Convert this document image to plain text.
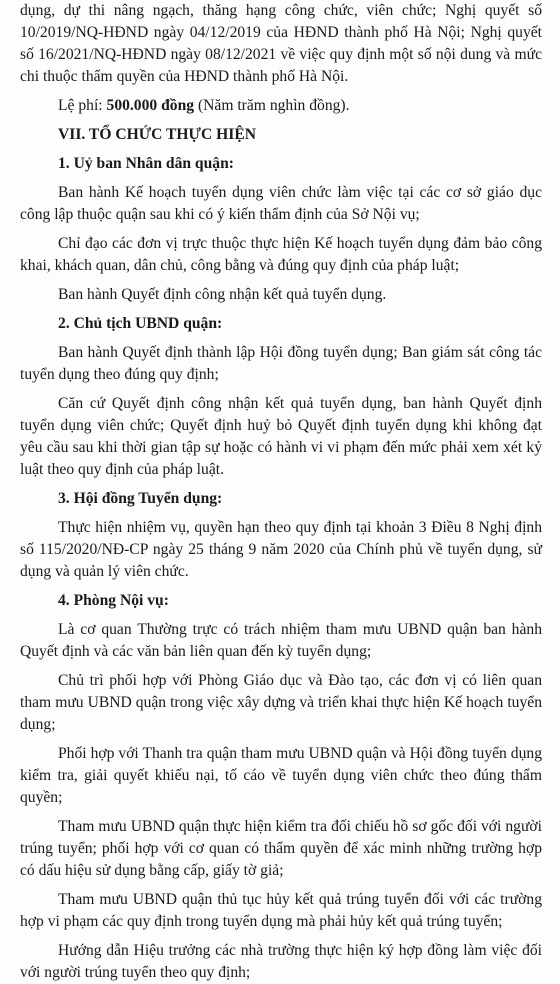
dụng, dự thi nâng ngạch, thăng hạng công chức, viên chức; Nghị quyết số 10/2019/NQ-HĐND ngày 04/12/2019 của HĐND thành phố Hà Nội; Nghị quyết số 16/2021/NQ-HĐND ngày 08/12/2021 về việc quy định một số nội dung và mức chi thuộc thẩm quyền của HĐND thành phố Hà Nội.

Lệ phí: 500.000 đồng (Năm trăm nghìn đồng).

VII. TỔ CHỨC THỰC HIỆN

1. Uỷ ban Nhân dân quận:

Ban hành Kế hoạch tuyển dụng viên chức làm việc tại các cơ sở giáo dục công lập thuộc quận sau khi có ý kiến thẩm định của Sở Nội vụ;

Chỉ đạo các đơn vị trực thuộc thực hiện Kế hoạch tuyển dụng đảm bảo công khai, khách quan, dân chủ, công bằng và đúng quy định của pháp luật;

Ban hành Quyết định công nhận kết quả tuyển dụng.

2. Chủ tịch UBND quận:

Ban hành Quyết định thành lập Hội đồng tuyển dụng; Ban giám sát công tác tuyển dụng theo đúng quy định;

Căn cứ Quyết định công nhận kết quả tuyển dụng, ban hành Quyết định tuyển dụng viên chức; Quyết định huỷ bỏ Quyết định tuyển dụng khi không đạt yêu cầu sau khi thời gian tập sự hoặc có hành vi vi phạm đến mức phải xem xét kỷ luật theo quy định của pháp luật.

3. Hội đồng Tuyển dụng:

Thực hiện nhiệm vụ, quyền hạn theo quy định tại khoản 3 Điều 8 Nghị định số 115/2020/NĐ-CP ngày 25 tháng 9 năm 2020 của Chính phủ về tuyển dụng, sử dụng và quản lý viên chức.

4. Phòng Nội vụ:

Là cơ quan Thường trực có trách nhiệm tham mưu UBND quận ban hành Quyết định và các văn bản liên quan đến kỳ tuyển dụng;

Chủ trì phối hợp với Phòng Giáo dục và Đào tạo, các đơn vị có liên quan tham mưu UBND quận trong việc xây dựng và triển khai thực hiện Kế hoạch tuyển dụng;

Phối hợp với Thanh tra quận tham mưu UBND quận và Hội đồng tuyển dụng kiểm tra, giải quyết khiếu nại, tố cáo về tuyển dụng viên chức theo đúng thẩm quyền;

Tham mưu UBND quận thực hiện kiểm tra đối chiếu hồ sơ gốc đối với người trúng tuyển; phối hợp với cơ quan có thẩm quyền để xác minh những trường hợp có dấu hiệu sử dụng bằng cấp, giấy tờ giả;

Tham mưu UBND quận thủ tục hủy kết quả trúng tuyển đối với các trường hợp vi phạm các quy định trong tuyển dụng mà phải hủy kết quả trúng tuyển;

Hướng dẫn Hiệu trưởng các nhà trường thực hiện ký hợp đồng làm việc đối với người trúng tuyển theo quy định;
